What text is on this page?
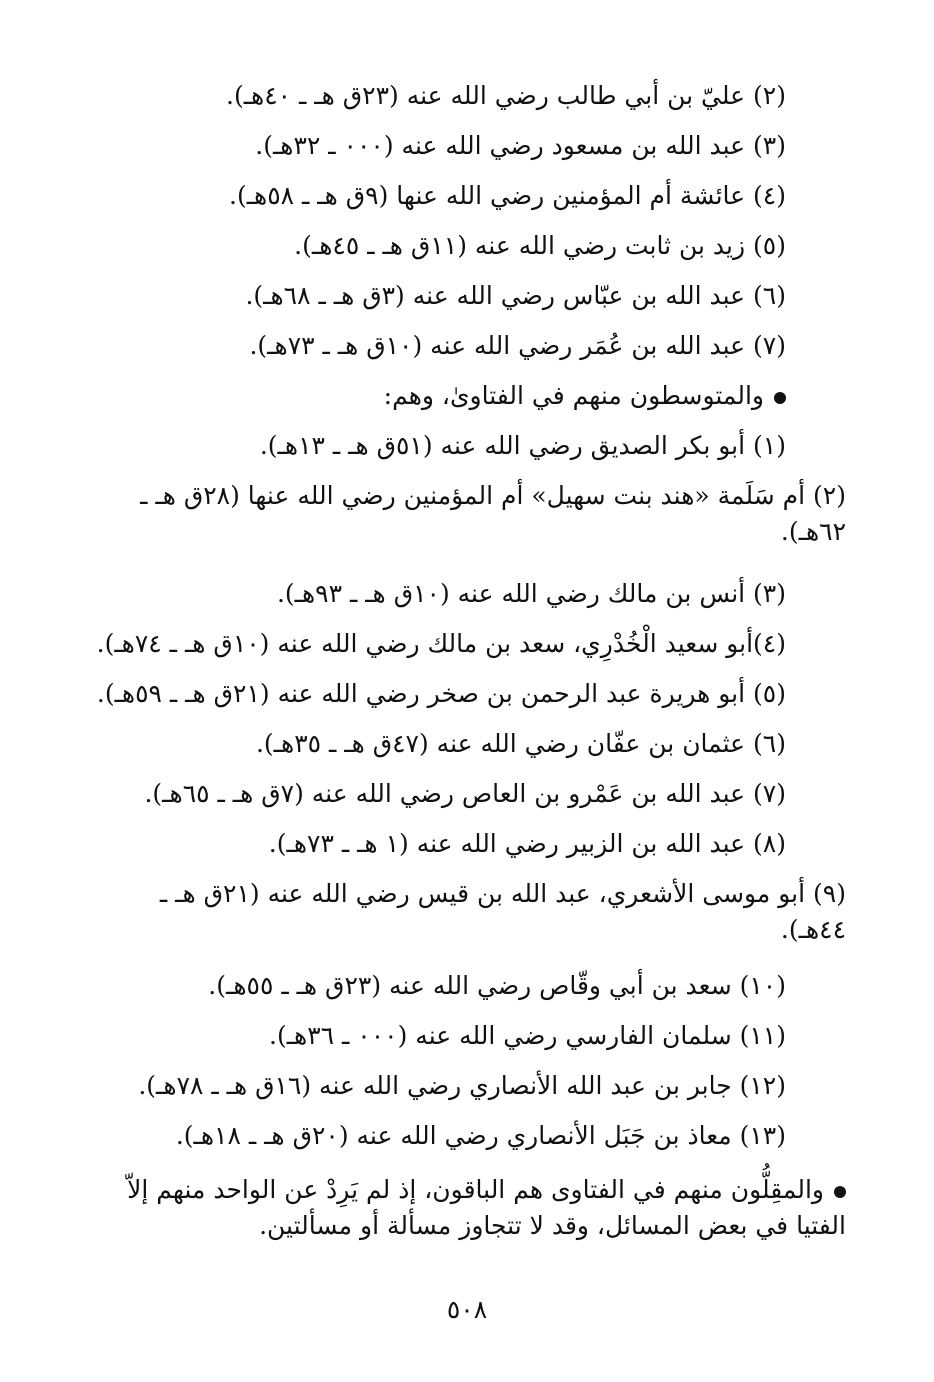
(٢) عليّ بن أبي طالب رضي الله عنه (٢٣ق هـ ـ ٤٠هـ).
(٣) عبد الله بن مسعود رضي الله عنه (٠٠٠ ـ ٣٢هـ).
(٤) عائشة أم المؤمنين رضي الله عنها (٩ق هـ ـ ٥٨هـ).
(٥) زيد بن ثابت رضي الله عنه (١١ق هـ ـ ٤٥هـ).
(٦) عبد الله بن عبّاس رضي الله عنه (٣ق هـ ـ ٦٨هـ).
(٧) عبد الله بن عُمَر رضي الله عنه (١٠ق هـ ـ ٧٣هـ).
والمتوسطون منهم في الفتاوىٰ، وهم:
(١) أبو بكر الصديق رضي الله عنه (٥١ق هـ ـ ١٣هـ).
(٢) أم سَلَمة «هند بنت سهيل» أم المؤمنين رضي الله عنها (٢٨ق هـ ـ ٦٢هـ).
(٣) أنس بن مالك رضي الله عنه (١٠ق هـ ـ ٩٣هـ).
(٤)أبو سعيد الْخُدْرِي، سعد بن مالك رضي الله عنه (١٠ق هـ ـ ٧٤هـ).
(٥) أبو هريرة عبد الرحمن بن صخر رضي الله عنه (٢١ق هـ ـ ٥٩هـ).
(٦) عثمان بن عفّان رضي الله عنه (٤٧ق هـ ـ ٣٥هـ).
(٧) عبد الله بن عَمْرو بن العاص رضي الله عنه (٧ق هـ ـ ٦٥هـ).
(٨) عبد الله بن الزبير رضي الله عنه (١ هـ ـ ٧٣هـ).
(٩) أبو موسى الأشعري، عبد الله بن قيس رضي الله عنه (٢١ق هـ ـ ٤٤هـ).
(١٠) سعد بن أبي وقّاص رضي الله عنه (٢٣ق هـ ـ ٥٥هـ).
(١١) سلمان الفارسي رضي الله عنه (٠٠٠ ـ ٣٦هـ).
(١٢) جابر بن عبد الله الأنصاري رضي الله عنه (١٦ق هـ ـ ٧٨هـ).
(١٣) معاذ بن جَبَل الأنصاري رضي الله عنه (٢٠ق هـ ـ ١٨هـ).
والمقِلُّون منهم في الفتاوى هم الباقون، إذ لم يَرِدْ عن الواحد منهم إلاّ الفتيا في بعض المسائل، وقد لا تتجاوز مسألة أو مسألتين.
٥٠٨
